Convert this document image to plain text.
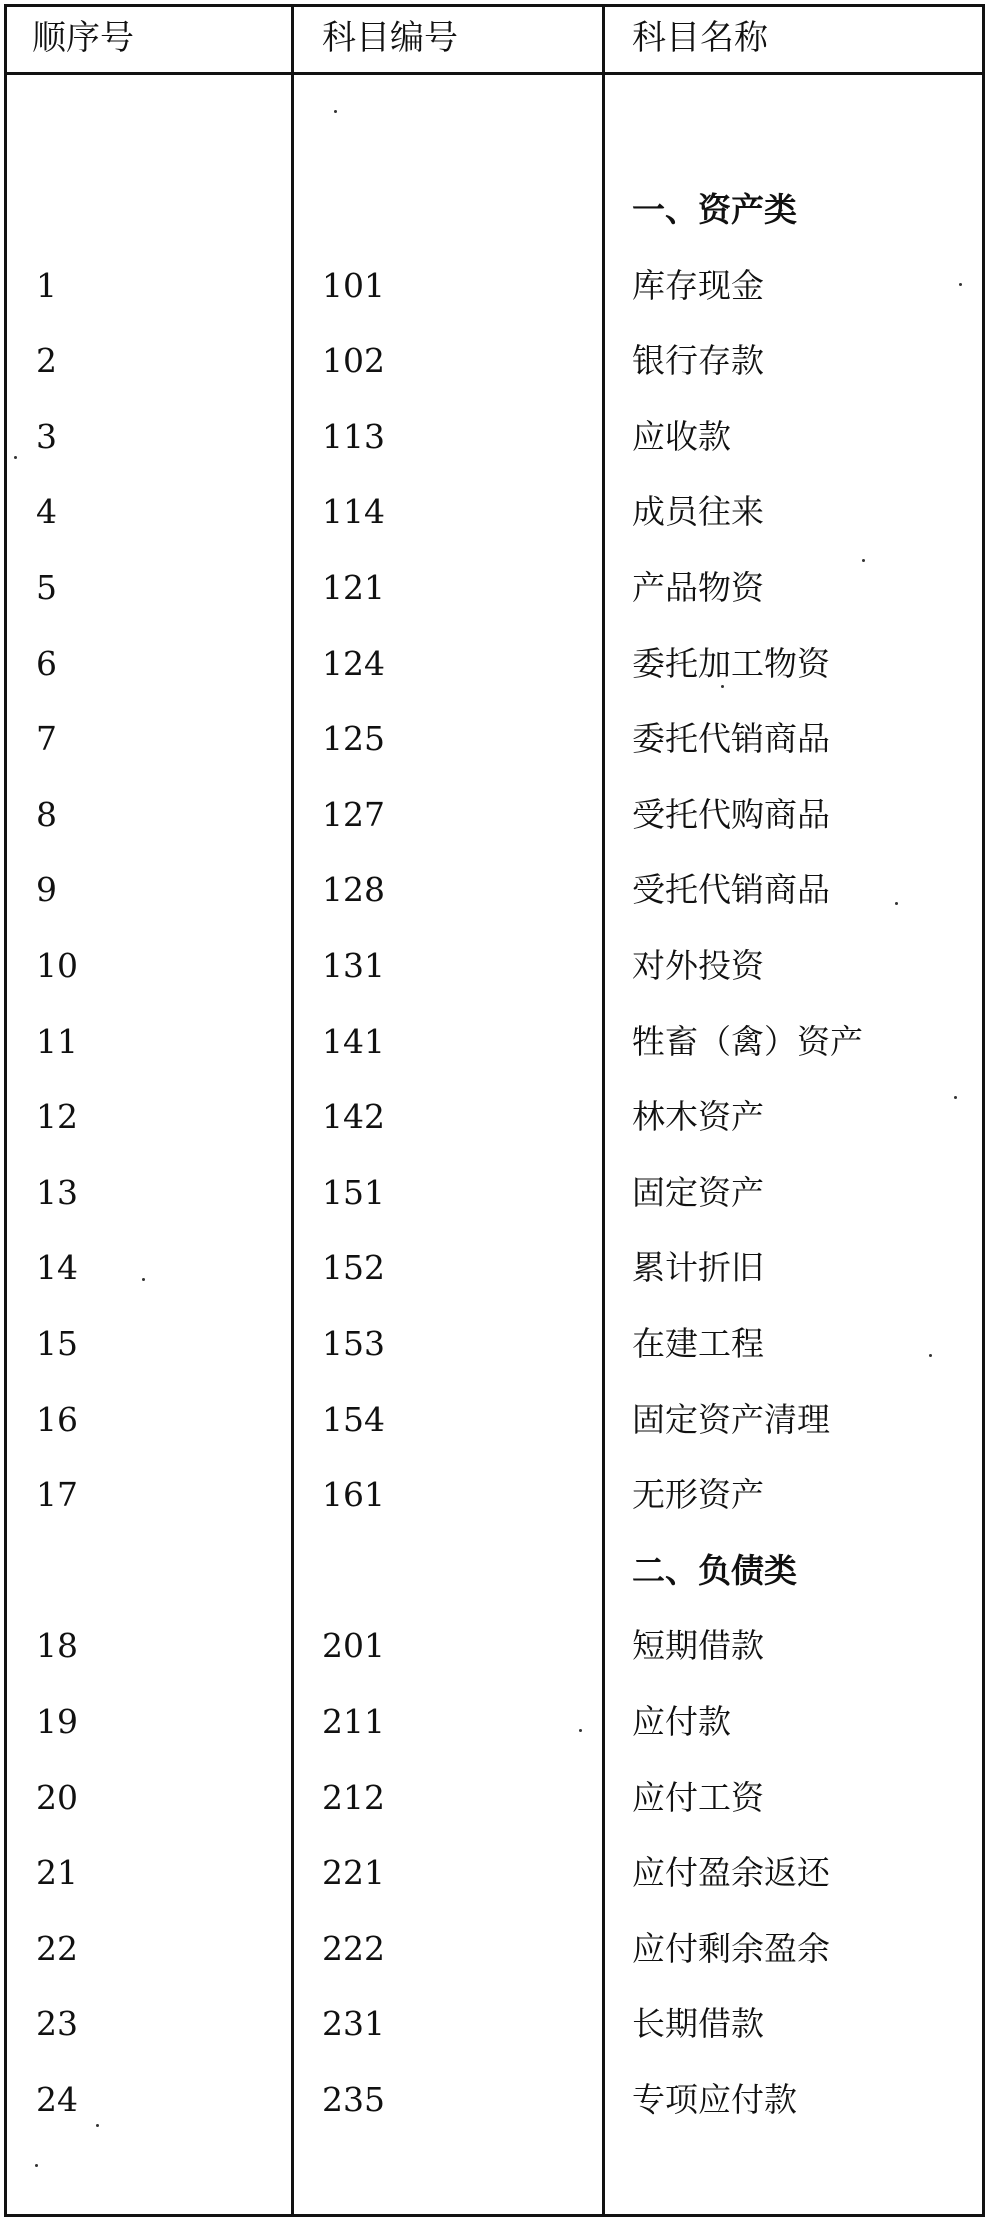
顺序号	科目编号	科目名称
一、资产类
1	101	库存现金
2	102	银行存款
3	113	应收款
4	114	成员往来
5	121	产品物资
6	124	委托加工物资
7	125	委托代销商品
8	127	受托代购商品
9	128	受托代销商品
10	131	对外投资
11	141	牲畜（禽）资产
12	142	林木资产
13	151	固定资产
14	152	累计折旧
15	153	在建工程
16	154	固定资产清理
17	161	无形资产
二、负债类
18	201	短期借款
19	211	应付款
20	212	应付工资
21	221	应付盈余返还
22	222	应付剩余盈余
23	231	长期借款
24	235	专项应付款
